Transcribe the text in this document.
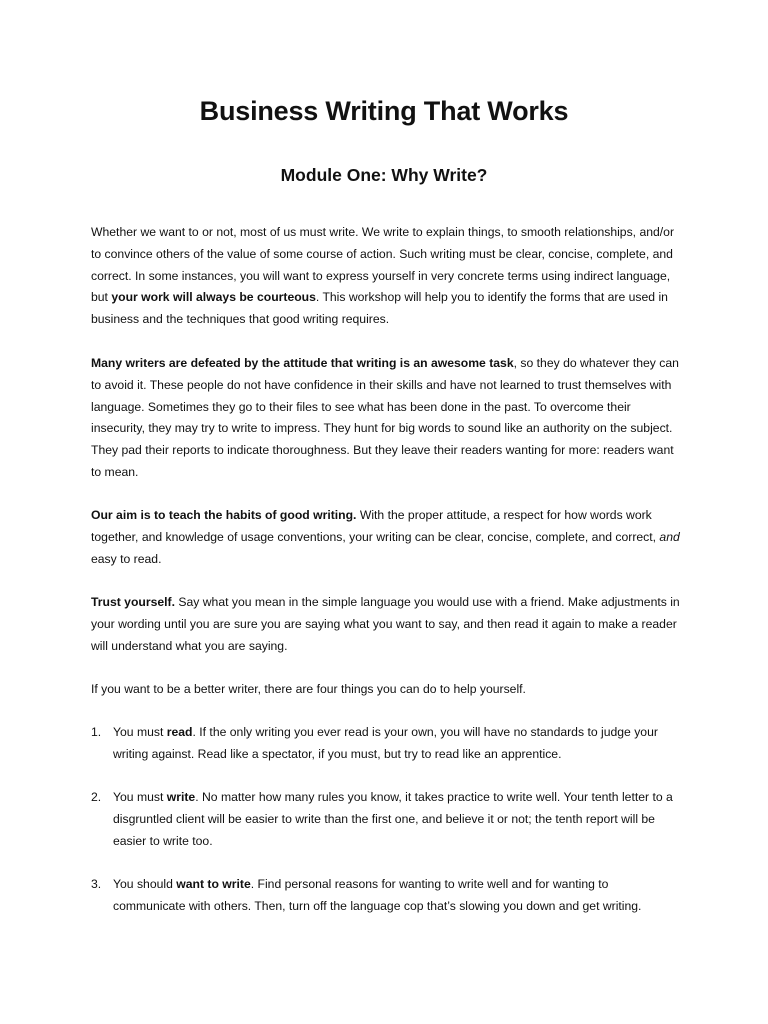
Business Writing That Works
Module One: Why Write?

Whether we want to or not, most of us must write. We write to explain things, to smooth relationships, and/or to convince others of the value of some course of action. Such writing must be clear, concise, complete, and correct. In some instances, you will want to express yourself in very concrete terms using indirect language, but your work will always be courteous. This workshop will help you to identify the forms that are used in business and the techniques that good writing requires.

Many writers are defeated by the attitude that writing is an awesome task, so they do whatever they can to avoid it. These people do not have confidence in their skills and have not learned to trust themselves with language. Sometimes they go to their files to see what has been done in the past. To overcome their insecurity, they may try to write to impress. They hunt for big words to sound like an authority on the subject. They pad their reports to indicate thoroughness. But they leave their readers wanting for more: readers want to mean.

Our aim is to teach the habits of good writing. With the proper attitude, a respect for how words work together, and knowledge of usage conventions, your writing can be clear, concise, complete, and correct, and easy to read.

Trust yourself. Say what you mean in the simple language you would use with a friend. Make adjustments in your wording until you are sure you are saying what you want to say, and then read it again to make a reader will understand what you are saying.

If you want to be a better writer, there are four things you can do to help yourself.

1. You must read. If the only writing you ever read is your own, you will have no standards to judge your writing against. Read like a spectator, if you must, but try to read like an apprentice.
2. You must write. No matter how many rules you know, it takes practice to write well. Your tenth letter to a disgruntled client will be easier to write than the first one, and believe it or not; the tenth report will be easier to write too.
3. You should want to write. Find personal reasons for wanting to write well and for wanting to communicate with others. Then, turn off the language cop that’s slowing you down and get writing.
